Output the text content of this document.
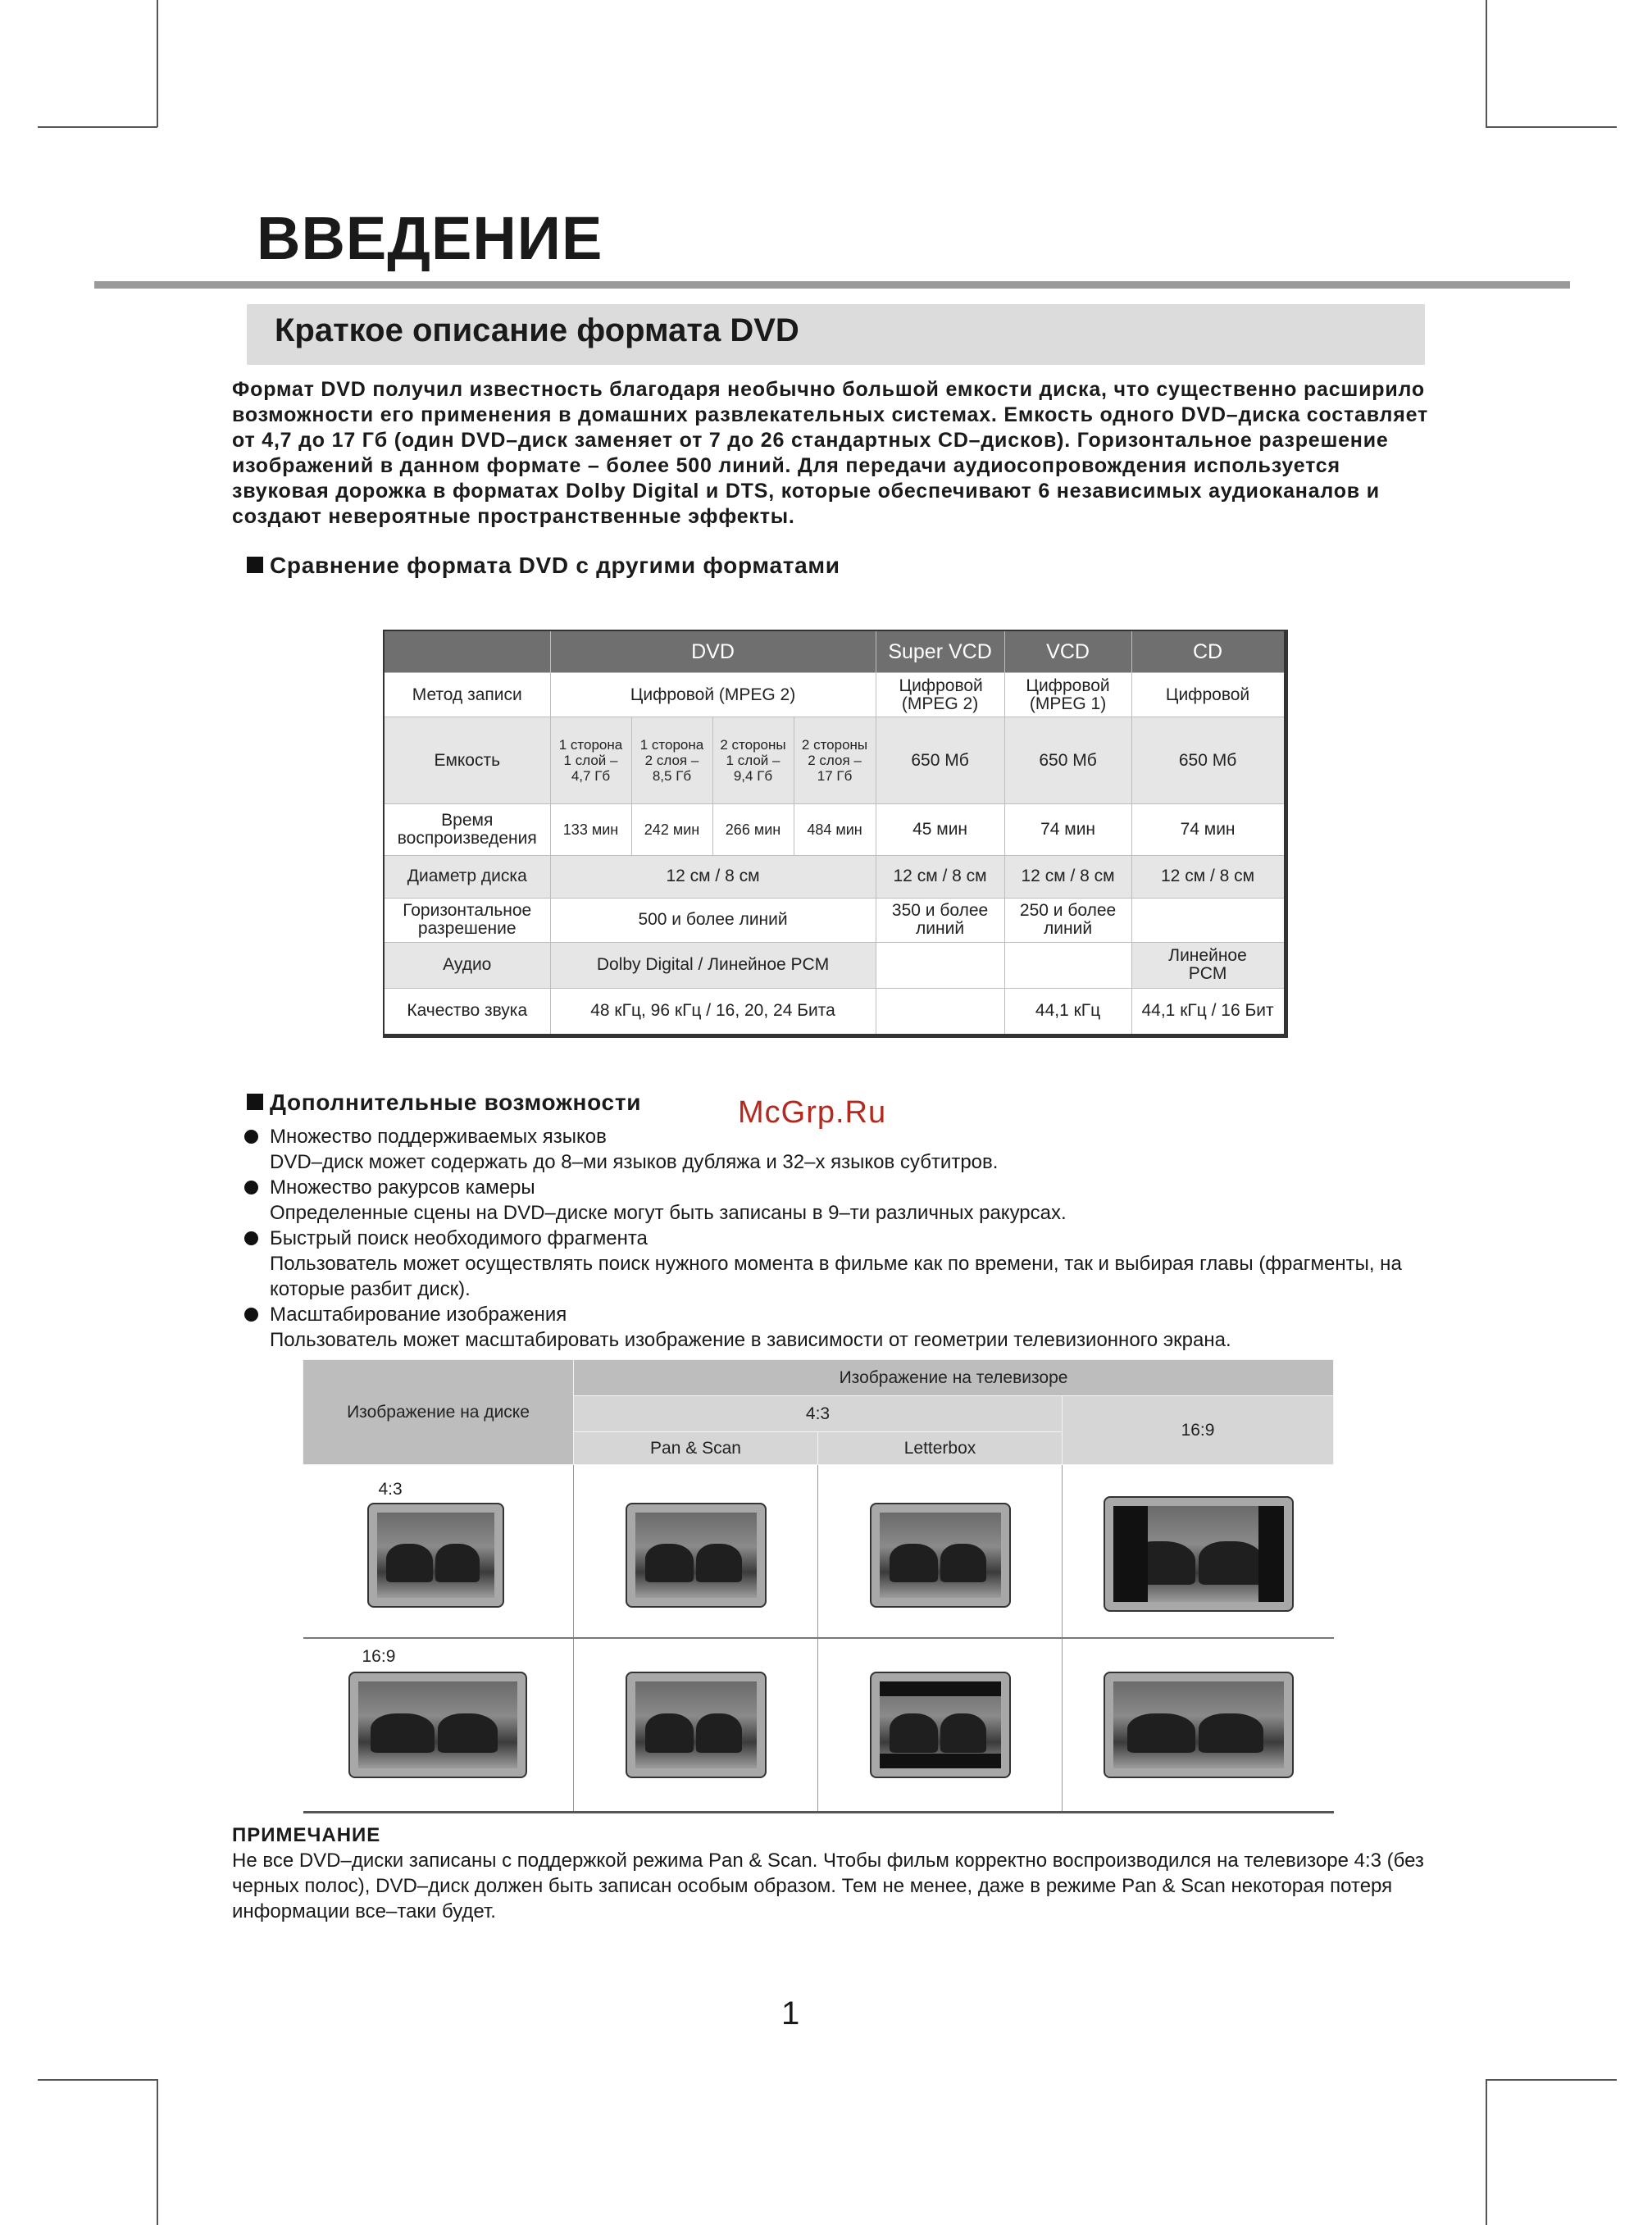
ВВЕДЕНИЕ
Краткое описание формата DVD

Формат DVD получил известность благодаря необычно большой емкости диска, что существенно расширило возможности его применения в домашних развлекательных системах. Емкость одного DVD–диска составляет от 4,7 до 17 Гб (один DVD–диск заменяет от 7 до 26 стандартных CD–дисков). Горизонтальное разрешение изображений в данном формате – более 500 линий. Для передачи аудиосопровождения используется звуковая дорожка в форматах Dolby Digital и DTS, которые обеспечивают 6 независимых аудиоканалов и создают невероятные пространственные эффекты.

Сравнение формата DVD с другими форматами

	DVD				Super VCD	VCD	CD
Метод записи	Цифровой (MPEG 2)				Цифровой (MPEG 2)	Цифровой (MPEG 1)	Цифровой
Емкость	1 сторона 1 слой – 4,7 Гб	1 сторона 2 слоя – 8,5 Гб	2 стороны 1 слой – 9,4 Гб	2 стороны 2 слоя – 17 Гб	650 Мб	650 Мб	650 Мб
Время воспроизведения	133 мин	242 мин	266 мин	484 мин	45 мин	74 мин	74 мин
Диаметр диска	12 см / 8 см				12 см / 8 см	12 см / 8 см	12 см / 8 см
Горизонтальное разрешение	500 и более линий				350 и более линий	250 и более линий	
Аудио	Dolby Digital / Линейное PCM						Линейное PCM
Качество звука	48 кГц, 96 кГц / 16, 20, 24 Бита					44,1 кГц	44,1 кГц / 16 Бит

Дополнительные возможности	McGrp.Ru

Множество поддерживаемых языков
DVD–диск может содержать до 8–ми языков дубляжа и 32–х языков субтитров.
Множество ракурсов камеры
Определенные сцены на DVD–диске могут быть записаны в 9–ти различных ракурсах.
Быстрый поиск необходимого фрагмента
Пользователь может осуществлять поиск нужного момента в фильме как по времени, так и выбирая главы (фрагменты, на которые разбит диск).
Масштабирование изображения
Пользователь может масштабировать изображение в зависимости от геометрии телевизионного экрана.
Изображение на диске	Изображение на телевизоре		
	4:3		16:9
	Pan & Scan	Letterbox	

4:3			

16:9			

ПРИМЕЧАНИЕ

Не все DVD–диски записаны с поддержкой режима Pan & Scan. Чтобы фильм корректно воспроизводился на телевизоре 4:3 (без черных полос), DVD–диск должен быть записан особым образом. Тем не менее, даже в режиме Pan & Scan некоторая потеря информации все–таки будет.

1
